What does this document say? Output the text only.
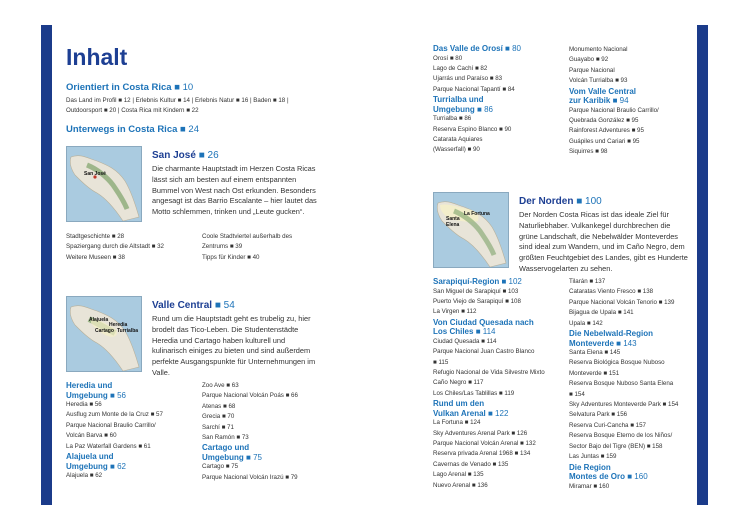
Inhalt
Orientiert in Costa Rica ■ 10
Das Land im Profil ■ 12 | Erlebnis Kultur ■ 14 | Erlebnis Natur ■ 16 | Baden ■ 18 |
Outdoorsport ■ 20 | Costa Rica mit Kindern ■ 22
Unterwegs in Costa Rica ■ 24
San José
San José ■ 26
Die charmante Hauptstadt im Herzen Costa Ricas lässt sich am besten auf einem entspannten Bummel von West nach Ost erkunden. Besonders angesagt ist das Barrio Escalante – hier lautet das Motto schlemmen, trinken und „Leute gucken“.
Stadtgeschichte ■ 28
Spaziergang durch die Altstadt ■ 32
Weitere Museen ■ 38
Coole Stadtviertel außerhalb des
Zentrums ■ 39
Tipps für Kinder ■ 40
Alajuela
Heredia
Cartago Turrialba
Valle Central ■ 54
Rund um die Hauptstadt geht es trubelig zu, hier brodelt das Tico-Leben. Die Studentenstädte Heredia und Cartago haben kulturell und kulinarisch einiges zu bieten und sind außerdem perfekte Ausgangspunkte für Unternehmungen im Valle.
Heredia und
Umgebung ■ 56
Heredia ■ 56
Ausflug zum Monte de la Cruz ■ 57
Parque Nacional Braulio Carrillo/
Volcán Barva ■ 60
La Paz Waterfall Gardens ■ 61
Alajuela und
Umgebung ■ 62
Alajuela ■ 62
Zoo Ave ■ 63
Parque Nacional Volcán Poás ■ 66
Atenas ■ 68
Grecia ■ 70
Sarchí ■ 71
San Ramón ■ 73
Cartago und
Umgebung ■ 75
Cartago ■ 75
Parque Nacional Volcán Irazú ■ 79
Das Valle de Orosí ■ 80
Orosí ■ 80
Lago de Cachí ■ 82
Ujarrás und Paraíso ■ 83
Parque Nacional Tapantí ■ 84
Turrialba und
Umgebung ■ 86
Turrialba ■ 86
Reserva Espino Blanco ■ 90
Catarata Aquiares
(Wasserfall) ■ 90
Monumento Nacional
Guayabo ■ 92
Parque Nacional
Volcán Turrialba ■ 93
Vom Valle Central
zur Karibik ■ 94
Parque Nacional Braulio Carrillo/
Quebrada González ■ 95
Rainforest Adventures ■ 95
Guápiles und Cariari ■ 95
Siquirres ■ 98
La Fortuna
Santa Elena
Der Norden ■ 100
Der Norden Costa Ricas ist das ideale Ziel für Naturliebhaber. Vulkankegel durchbrechen die grüne Landschaft, die Nebelwälder Monteverdes sind ideal zum Wandern, und im Caño Negro, dem größten Feuchtgebiet des Landes, gibt es Hunderte Wasservogelarten zu sehen.
Sarapiquí-Region ■ 102
San Miguel de Sarapiquí ■ 103
Puerto Viejo de Sarapiquí ■ 108
La Virgen ■ 112
Von Ciudad Quesada nach
Los Chiles ■ 114
Ciudad Quesada ■ 114
Parque Nacional Juan Castro Blanco
■ 115
Refugio Nacional de Vida Silvestre Mixto
Caño Negro ■ 117
Los Chiles/Las Tablillas ■ 119
Rund um den
Vulkan Arenal ■ 122
La Fortuna ■ 124
Sky Adventures Arenal Park ■ 126
Parque Nacional Volcán Arenal ■ 132
Reserva privada Arenal 1968 ■ 134
Cavernas de Venado ■ 135
Lago Arenal ■ 135
Nuevo Arenal ■ 136
Tilarán ■ 137
Cataratas Viento Fresco ■ 138
Parque Nacional Volcán Tenorio ■ 139
Bijagua de Upala ■ 141
Upala ■ 142
Die Nebelwald-Region
Monteverde ■ 143
Santa Elena ■ 145
Reserva Biológica Bosque Nuboso
Monteverde ■ 151
Reserva Bosque Nuboso Santa Elena
■ 154
Sky Adventures Monteverde Park ■ 154
Selvatura Park ■ 156
Reserva Curi-Cancha ■ 157
Reserva Bosque Eterno de los Niños/
Sector Bajo del Tigre (BEN) ■ 158
Las Juntas ■ 159
Die Region
Montes de Oro ■ 160
Miramar ■ 160
